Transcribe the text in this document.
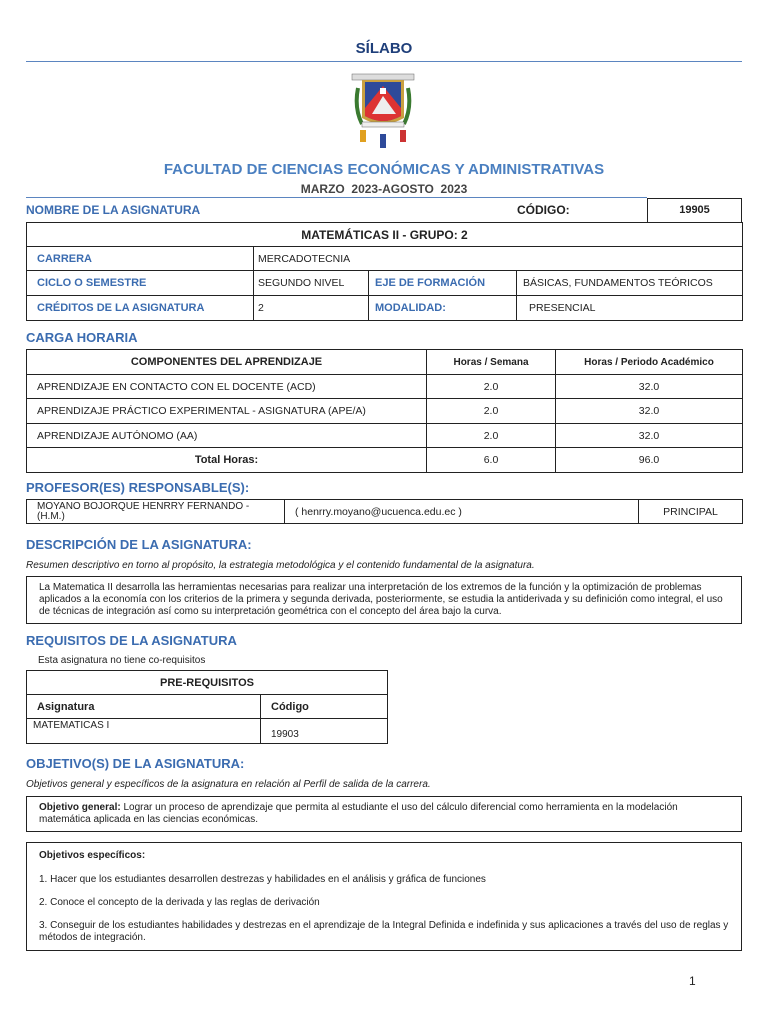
SÍLABO
FACULTAD DE CIENCIAS ECONÓMICAS Y ADMINISTRATIVAS
MARZO  2023-AGOSTO  2023
NOMBRE DE LA ASIGNATURA	CÓDIGO:	19905
MATEMÁTICAS II - GRUPO: 2			
CARRERA	MERCADOTECNIA		
CICLO O SEMESTRE	SEGUNDO NIVEL	EJE DE FORMACIÓN	BÁSICAS, FUNDAMENTOS TEÓRICOS
CRÉDITOS DE LA ASIGNATURA	2	MODALIDAD:	PRESENCIAL
CARGA HORARIA
COMPONENTES DEL APRENDIZAJE	Horas / Semana	Horas / Periodo Académico
APRENDIZAJE EN CONTACTO CON EL DOCENTE (ACD)	2.0	32.0
APRENDIZAJE PRÁCTICO EXPERIMENTAL - ASIGNATURA (APE/A)	2.0	32.0
APRENDIZAJE AUTÓNOMO (AA)	2.0	32.0
Total Horas:	6.0	96.0
PROFESOR(ES) RESPONSABLE(S):
MOYANO BOJORQUE HENRRY FERNANDO - (H.M.)	( henrry.moyano@ucuenca.edu.ec )	PRINCIPAL
DESCRIPCIÓN DE LA ASIGNATURA:
Resumen descriptivo en torno al propósito, la estrategia metodológica y el contenido fundamental de la asignatura.
La Matematica II desarrolla las herramientas necesarias para realizar una interpretación de los extremos de la función y la optimización de problemas aplicados a la economía con los criterios de la primera y segunda derivada, posteriormente, se estudia la antiderivada y su definición como integral, el uso de técnicas de integración así como su interpretación geométrica con el concepto del área bajo la curva.
REQUISITOS DE LA ASIGNATURA
Esta asignatura no tiene co-requisitos
PRE-REQUISITOS	
Asignatura	Código
MATEMATICAS I	19903
OBJETIVO(S) DE LA ASIGNATURA:
Objetivos general y específicos de la asignatura en relación al Perfil de salida de la carrera.
Objetivo general: Lograr un proceso de aprendizaje que permita al estudiante el uso del cálculo diferencial como herramienta en la modelación matemática aplicada en las ciencias económicas.
Objetivos específicos:
1. Hacer que los estudiantes desarrollen destrezas y habilidades en el análisis y gráfica de funciones
2. Conoce el concepto de la derivada y las reglas de derivación
3. Conseguir de los estudiantes habilidades y destrezas en el aprendizaje de la Integral Definida e indefinida y sus aplicaciones a través del uso de reglas y métodos de integración.
1
